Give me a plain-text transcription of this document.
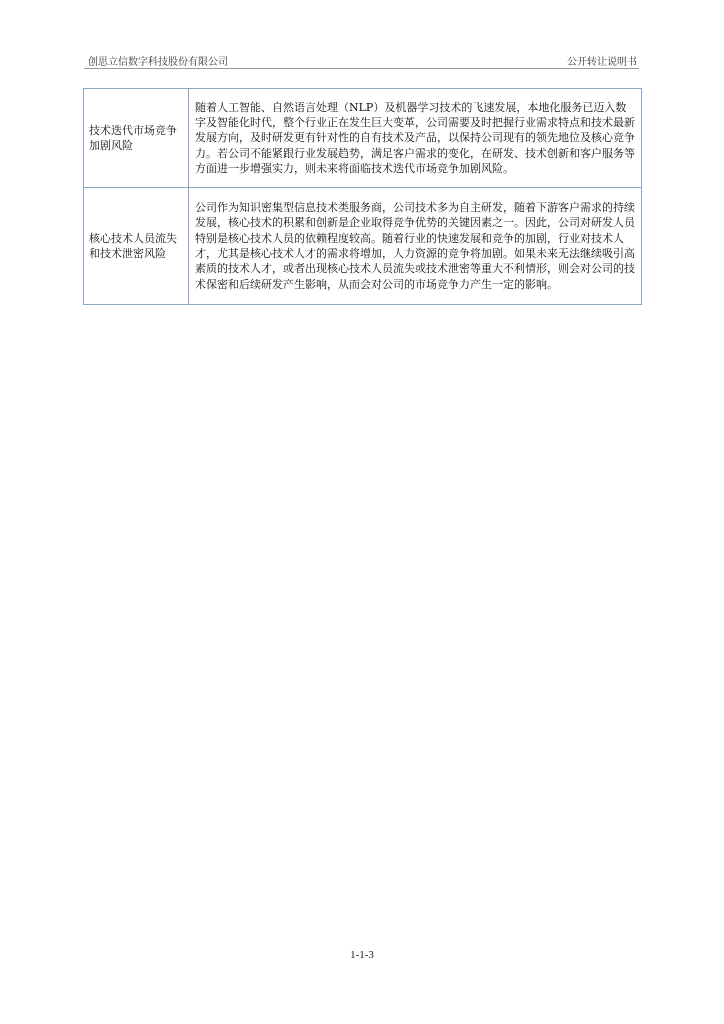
创思立信数字科技股份有限公司	公开转让说明书
技术迭代市场竞争加剧风险	随着人工智能、自然语言处理（NLP）及机器学习技术的飞速发展，本地化服务已迈入数字及智能化时代，整个行业正在发生巨大变革，公司需要及时把握行业需求特点和技术最新发展方向，及时研发更有针对性的自有技术及产品，以保持公司现有的领先地位及核心竞争力。若公司不能紧跟行业发展趋势，满足客户需求的变化，在研发、技术创新和客户服务等方面进一步增强实力，则未来将面临技术迭代市场竞争加剧风险。
核心技术人员流失和技术泄密风险	公司作为知识密集型信息技术类服务商，公司技术多为自主研发，随着下游客户需求的持续发展，核心技术的积累和创新是企业取得竞争优势的关键因素之一。因此，公司对研发人员特别是核心技术人员的依赖程度较高。随着行业的快速发展和竞争的加剧，行业对技术人才，尤其是核心技术人才的需求将增加，人力资源的竞争将加剧。如果未来无法继续吸引高素质的技术人才，或者出现核心技术人员流失或技术泄密等重大不利情形，则会对公司的技术保密和后续研发产生影响，从而会对公司的市场竞争力产生一定的影响。
1-1-3
